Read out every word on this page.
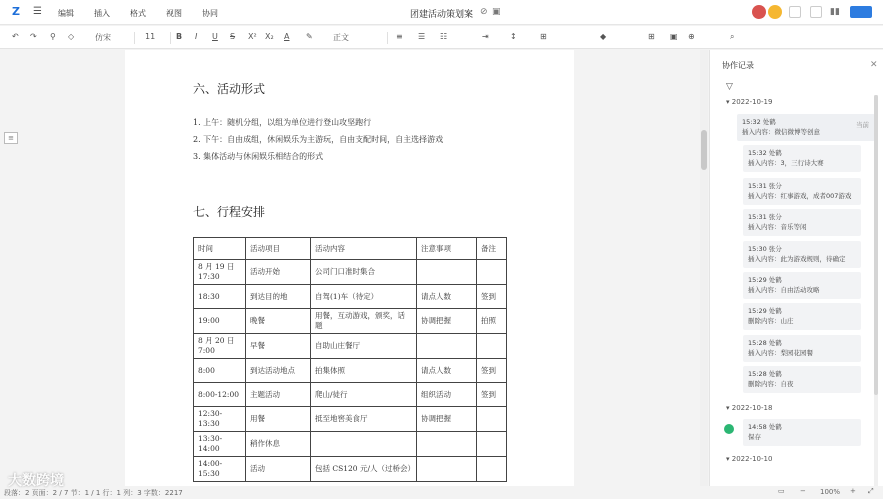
Z ☰ 编辑	插入	格式	视图	协同	团建活动策划案 ⊘ ▣	▮▮
↶ ↷ ⚲ ◇	仿宋	11	B I U S X² X₂ A ✎	正文	≡ ☰ ☷	⇥	↕	⊞	◆	⊞ ▣ ⊕	⌕
≡
六、活动形式
1. 上午：随机分组，以组为单位进行登山攻坚跑行
2. 下午：自由成组，休闲娱乐为主游玩，自由支配时间，自主选择游戏
3. 集体活动与休闲娱乐相结合的形式
七、行程安排
时间	活动项目	活动内容	注意事项	备注
8 月 19 日 17:30	活动开始	公司门口准时集合		
18:30	到达目的地	自驾(1)车（待定）	请点人数	签到
19:00	晚餐	用餐，互动游戏，颁奖，话题	协调把握	拍照
8 月 20 日 7:00	早餐	自助山庄餐厅		
8:00	到达活动地点	拍集体照	请点人数	签到
8:00-12:00	主题活动	爬山/徒行	组织活动	签到
12:30-13:30	用餐	抵至地窖美食厅	协调把握	
13:30-14:00	稍作休息			
14:00-15:30	活动	包括 CS120 元/人（过桥会）		
协作记录	✕
▽
▾ 2022-10-19
15:32 处鹤
插入内容：微信微博等创意
当前
15:32 处鹤
插入内容：3，三行诗大赛
15:31 张分
插入内容：红事游戏，成者007游戏
15:31 张分
插入内容：音乐等闲
15:30 张分
插入内容：此为游戏规则，待确定
15:29 处鹤
插入内容：自由活动攻略
15:29 处鹤
删除内容：山庄
15:28 处鹤
插入内容：梨园花园餐
15:28 处鹤
删除内容：自夜
▾ 2022-10-18
14:58 处鹤
保存
▾ 2022-10-10
段落：2 页面：2 / 7 节：1 / 1 行：1 列：3 字数：2217	▭ − 100% + ⤢
大数跨境
